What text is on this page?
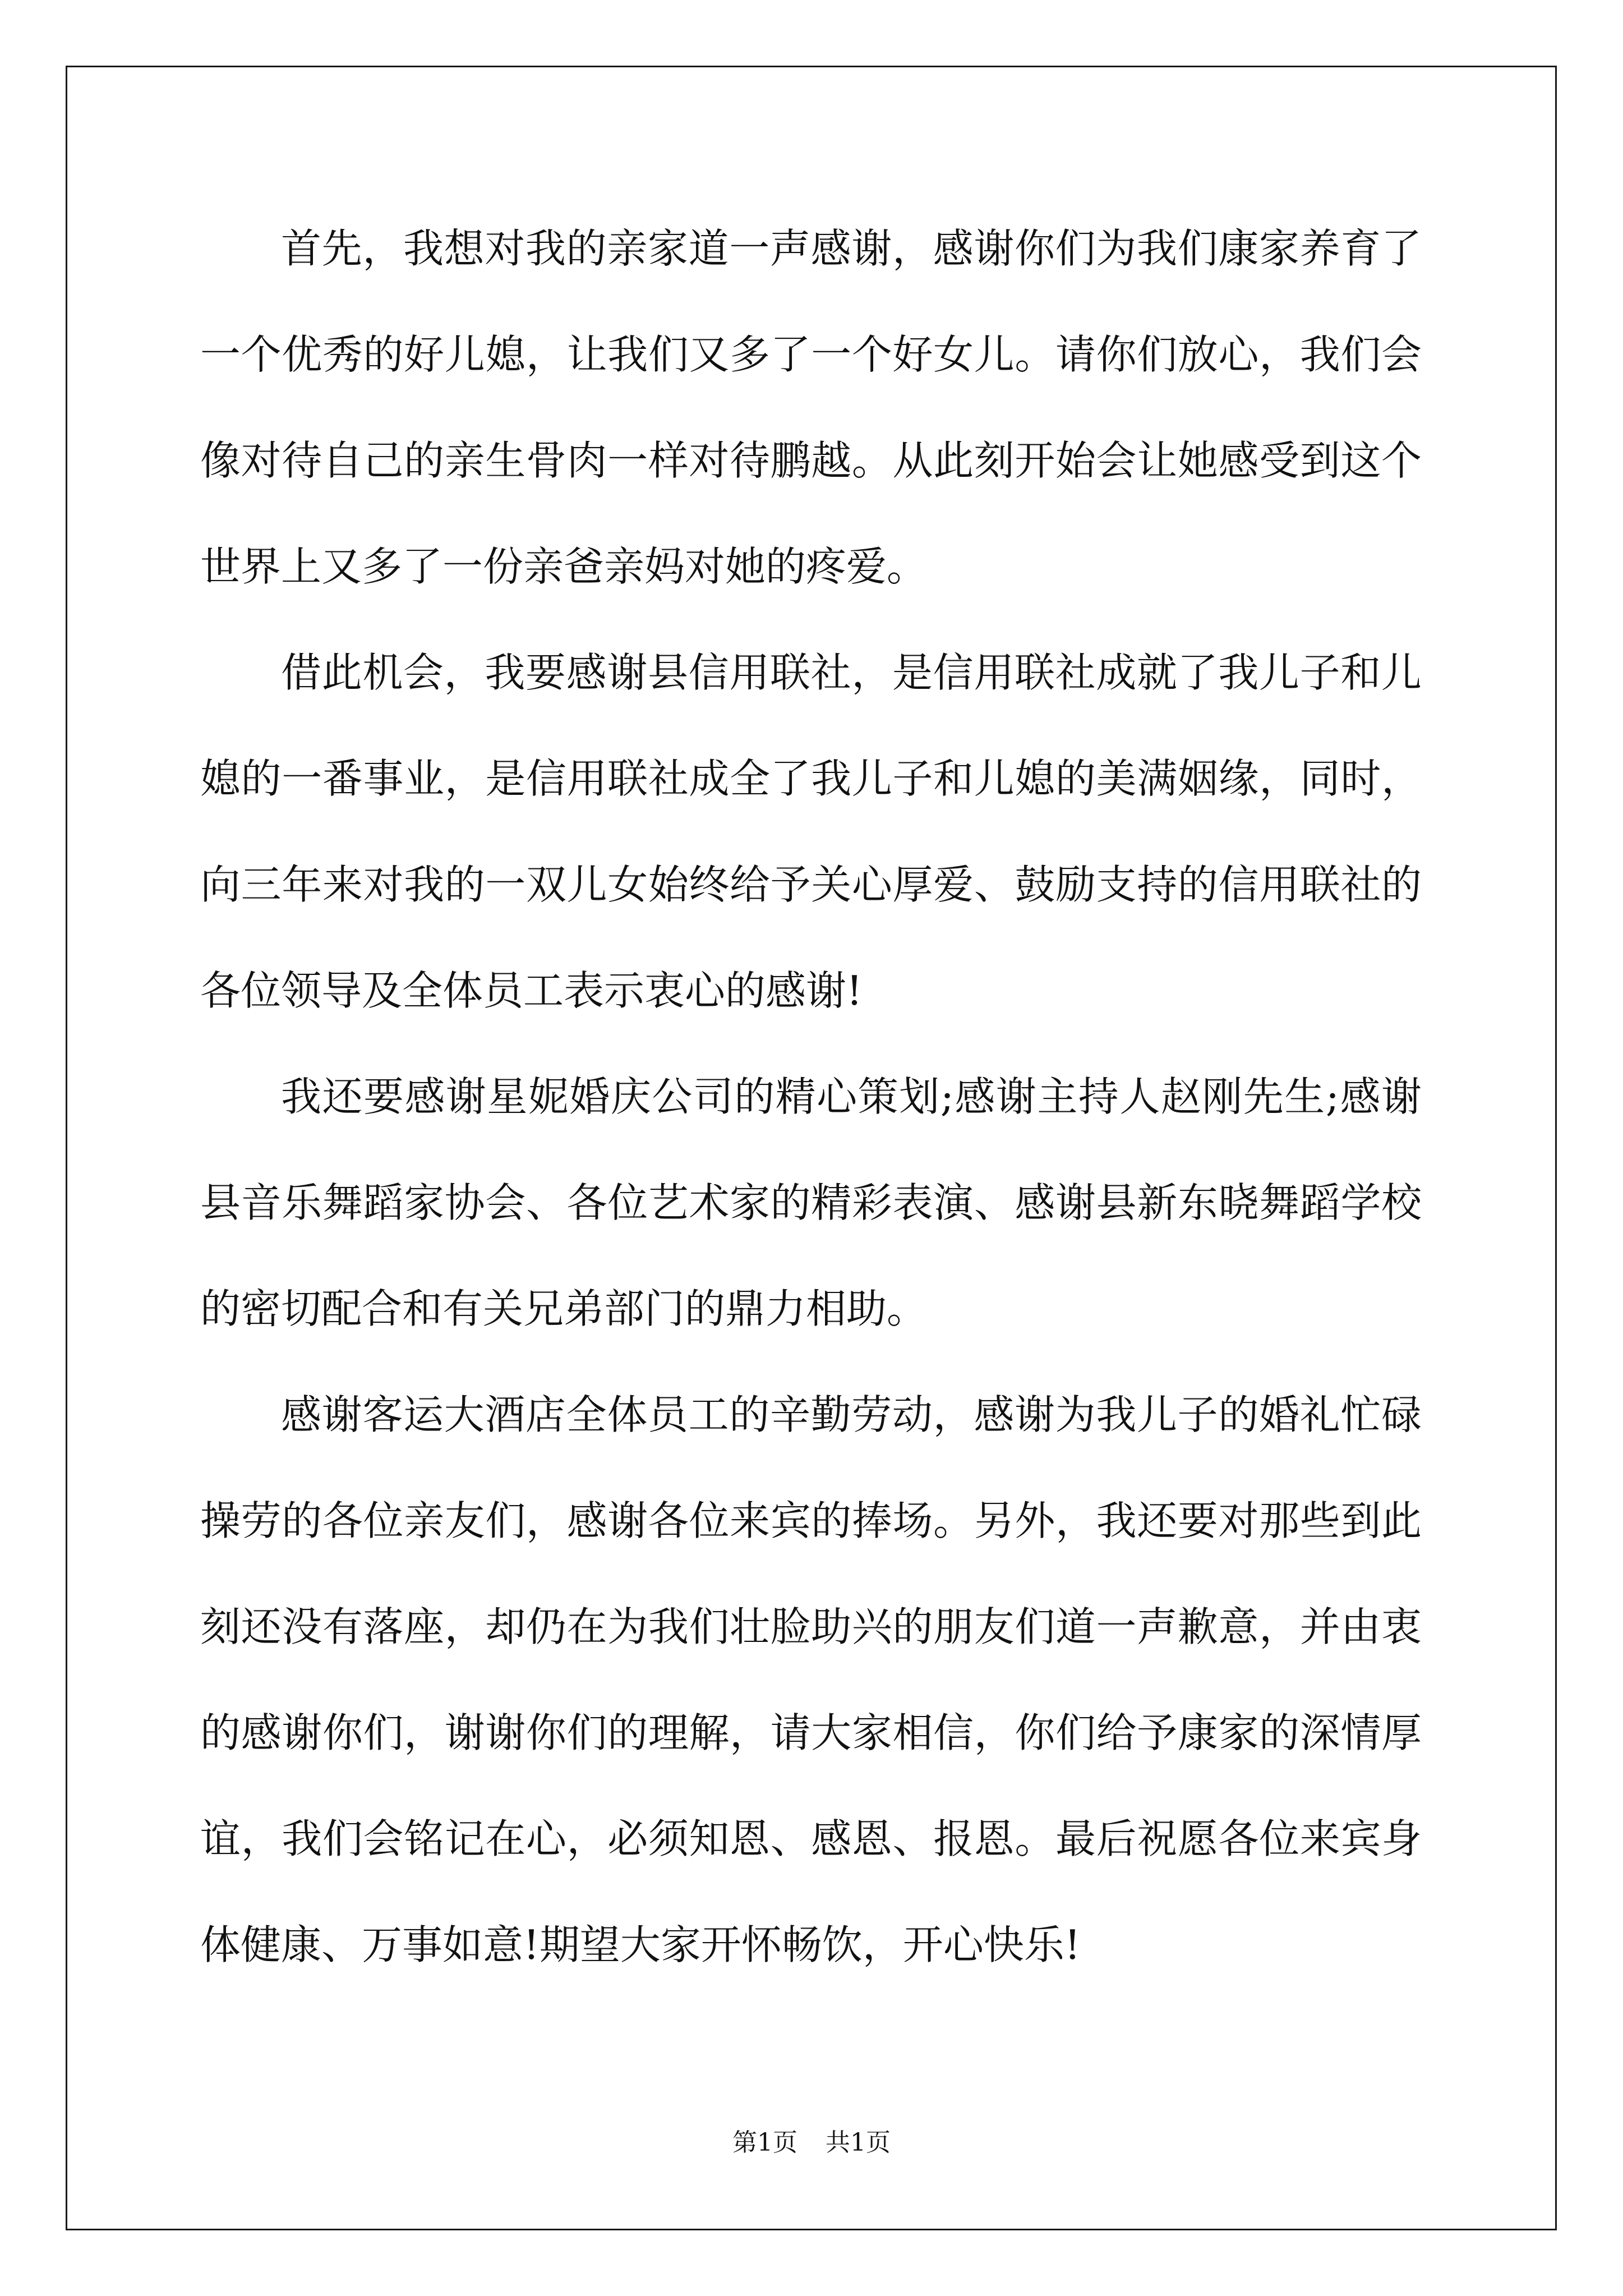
首先，我想对我的亲家道一声感谢，感谢你们为我们康家养育了
一个优秀的好儿媳，让我们又多了一个好女儿。请你们放心，我们会
像对待自己的亲生骨肉一样对待鹏越。从此刻开始会让她感受到这个
世界上又多了一份亲爸亲妈对她的疼爱。
借此机会，我要感谢县信用联社，是信用联社成就了我儿子和儿
媳的一番事业，是信用联社成全了我儿子和儿媳的美满姻缘，同时，
向三年来对我的一双儿女始终给予关心厚爱、鼓励支持的信用联社的
各位领导及全体员工表示衷心的感谢!
我还要感谢星妮婚庆公司的精心策划;感谢主持人赵刚先生;感谢
县音乐舞蹈家协会、各位艺术家的精彩表演、感谢县新东晓舞蹈学校
的密切配合和有关兄弟部门的鼎力相助。
感谢客运大酒店全体员工的辛勤劳动，感谢为我儿子的婚礼忙碌
操劳的各位亲友们，感谢各位来宾的捧场。另外，我还要对那些到此
刻还没有落座，却仍在为我们壮脸助兴的朋友们道一声歉意，并由衷
的感谢你们，谢谢你们的理解，请大家相信，你们给予康家的深情厚
谊，我们会铭记在心，必须知恩、感恩、报恩。最后祝愿各位来宾身
体健康、万事如意!期望大家开怀畅饮，开心快乐!
第1页 共1页
